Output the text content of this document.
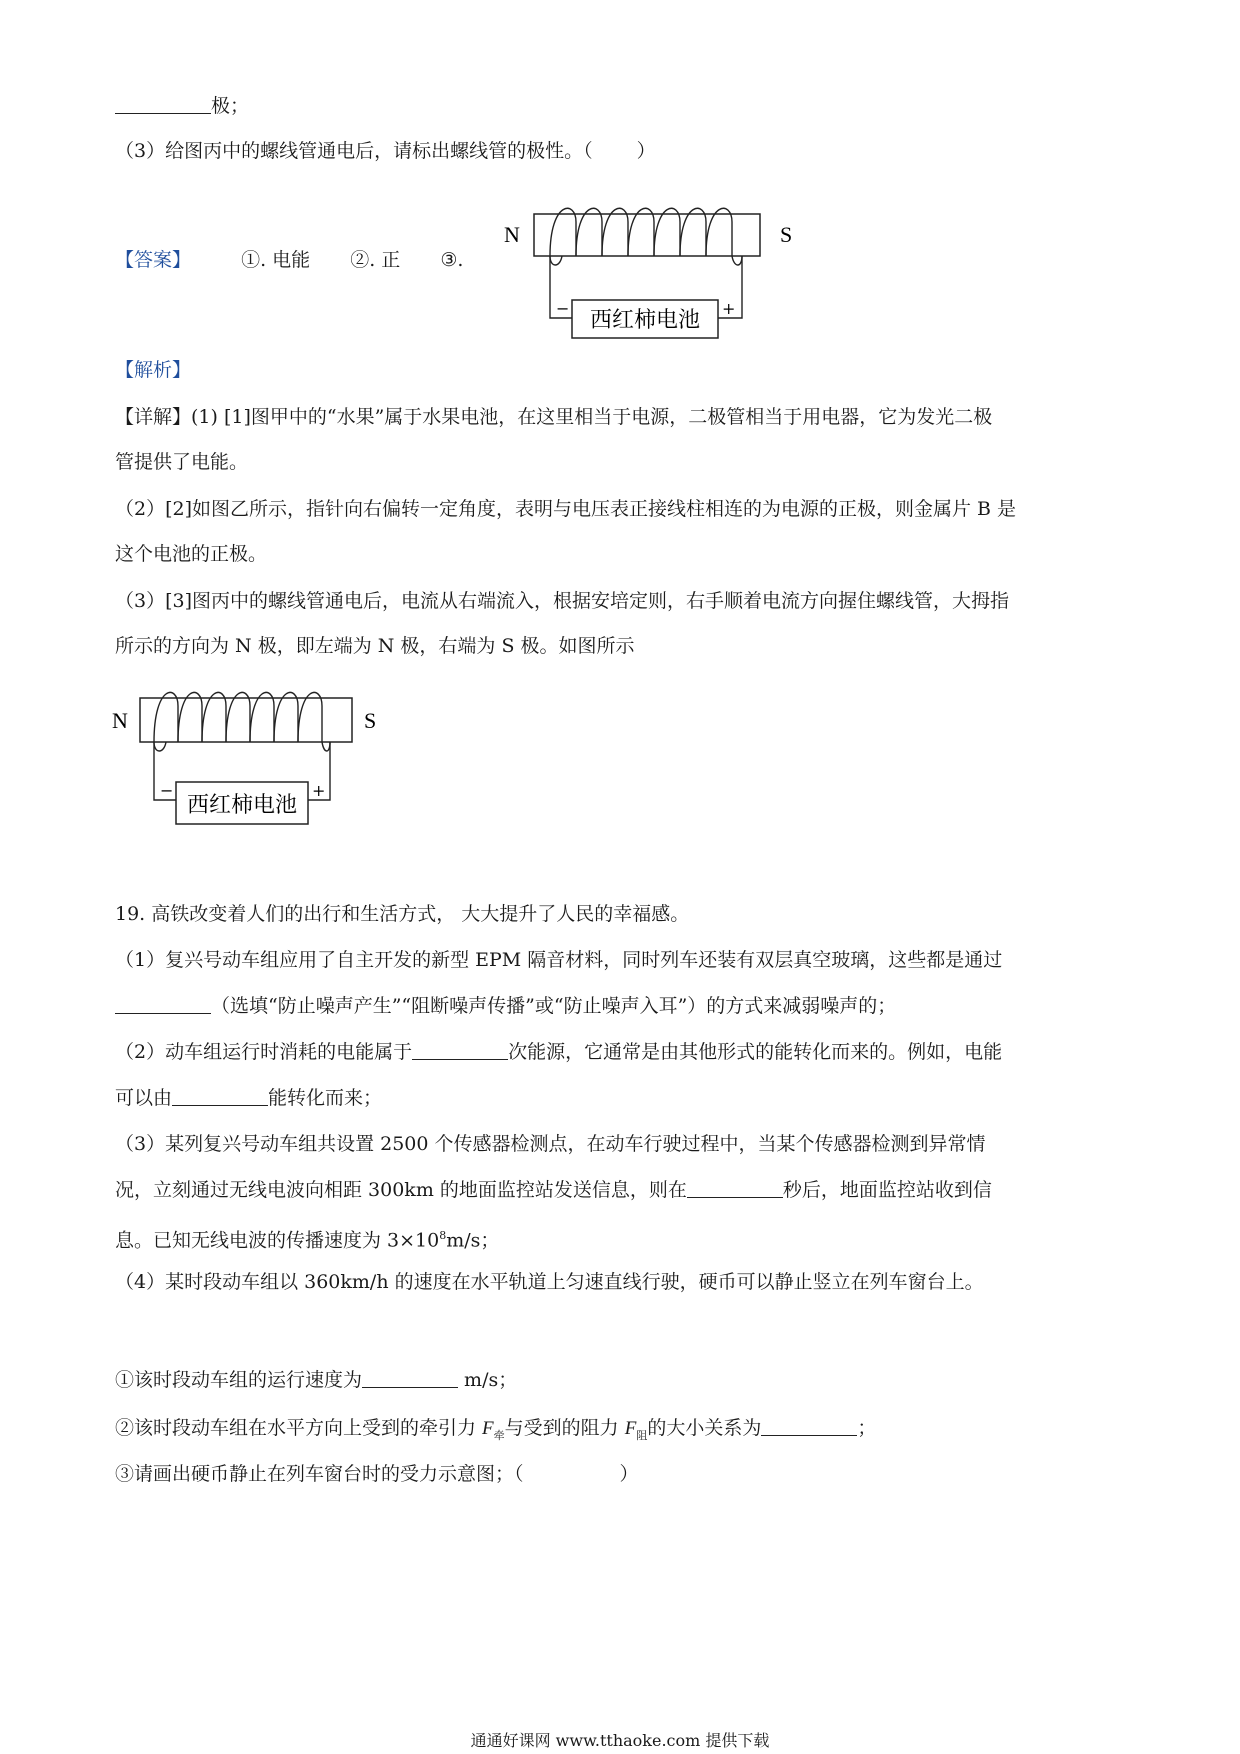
极；
（3）给图丙中的螺线管通电后，请标出螺线管的极性。（ ）
【答案】	①. 电能 ②. 正 ③.
N	S
−	+
西红柿电池
【解析】
【详解】(1) [1]图甲中的“水果”属于水果电池，在这里相当于电源，二极管相当于用电器，它为发光二极
管提供了电能。
（2）[2]如图乙所示，指针向右偏转一定角度，表明与电压表正接线柱相连的为电源的正极，则金属片 B 是
这个电池的正极。
（3）[3]图丙中的螺线管通电后，电流从右端流入，根据安培定则，右手顺着电流方向握住螺线管，大拇指
所示的方向为 N 极，即左端为 N 极，右端为 S 极。如图所示
N	S
−	+
西红柿电池
19. 高铁改变着人们的出行和生活方式， 大大提升了人民的幸福感。
（1）复兴号动车组应用了自主开发的新型 EPM 隔音材料，同时列车还装有双层真空玻璃，这些都是通过
（选填“防止噪声产生”“阻断噪声传播”或“防止噪声入耳”）的方式来减弱噪声的；
（2）动车组运行时消耗的电能属于	次能源，它通常是由其他形式的能转化而来的。例如，电能
可以由	能转化而来；
（3）某列复兴号动车组共设置 2500 个传感器检测点，在动车行驶过程中，当某个传感器检测到异常情
况，立刻通过无线电波向相距 300km 的地面监控站发送信息，则在	秒后，地面监控站收到信
息。已知无线电波的传播速度为 $3\times 10^8m/s$；
（4）某时段动车组以 360km/h 的速度在水平轨道上匀速直线行驶，硬币可以静止竖立在列车窗台上。
①该时段动车组的运行速度为	m/s；
②该时段动车组在水平方向上受到的牵引力 $F_牵$与受到的阻力 $F_阻$的大小关系为	；
③请画出硬币静止在列车窗台时的受力示意图；（	）
通通好课网 www.tthaoke.com 提供下载
